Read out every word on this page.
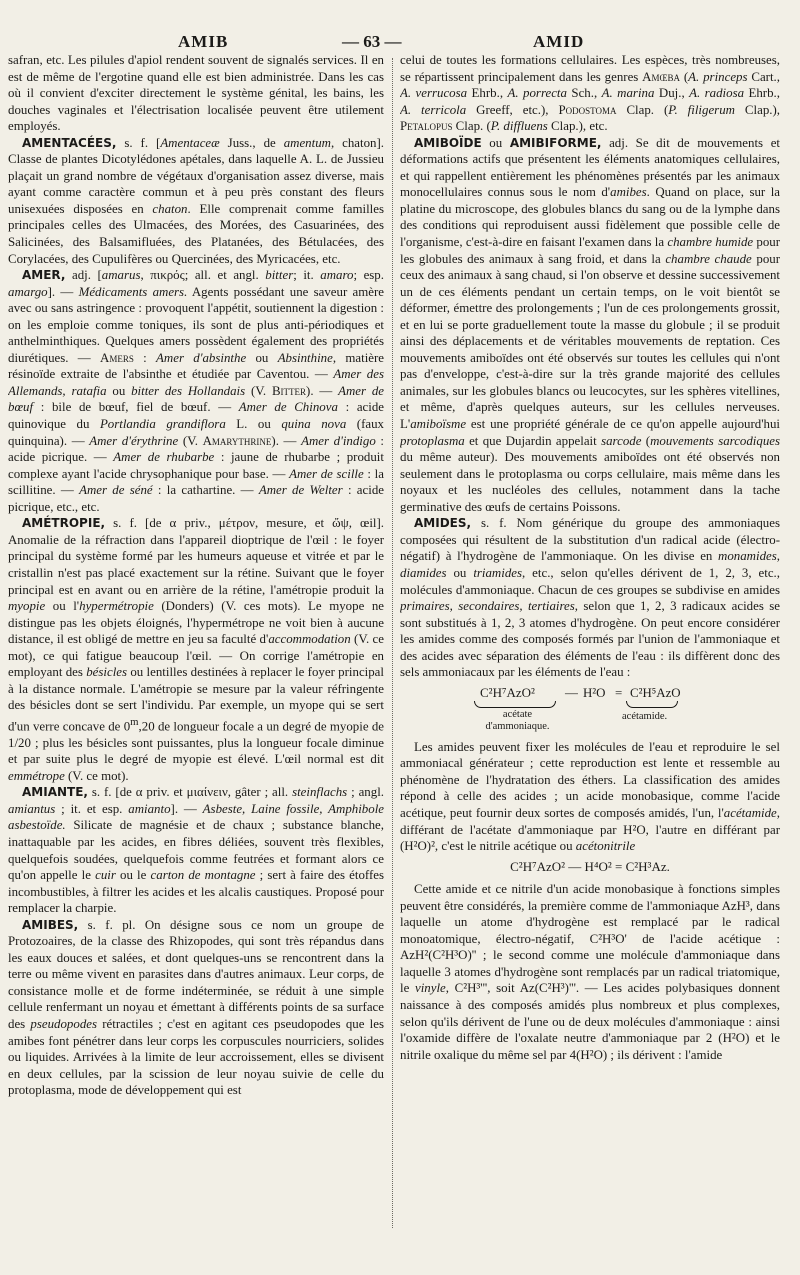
AMIB	— 63 —	AMID

safran, etc. Les pilules d'apiol rendent souvent de signalés services. Il en est de même de l'ergotine quand elle est bien administrée. Dans les cas où il convient d'exciter directement le système génital, les bains, les douches vaginales et l'électrisation localisée peuvent être utilement employés.

AMENTACÉES, s. f. [Amentaceæ Juss., de amentum, chaton]. Classe de plantes Dicotylédones apétales, dans laquelle A. L. de Jussieu plaçait un grand nombre de végétaux d'organisation assez diverse, mais ayant comme caractère commun et à peu près constant des fleurs unisexuées disposées en chaton. Elle comprenait comme familles principales celles des Ulmacées, des Morées, des Casuarinées, des Salicinées, des Balsamifluées, des Platanées, des Bétulacées, des Corylacées, des Cupulifères ou Quercinées, des Myricacées, etc.

AMER, adj. [amarus, πικρός; all. et angl. bitter; it. amaro; esp. amargo]. — Médicaments amers. Agents possédant une saveur amère avec ou sans astringence : provoquent l'appétit, soutiennent la digestion : on les emploie comme toniques, ils sont de plus anti-périodiques et anthelminthiques. Quelques amers possèdent également des propriétés diurétiques. — Amers : Amer d'absinthe ou Absinthine, matière résinoïde extraite de l'absinthe et étudiée par Caventou. — Amer des Allemands, ratafia ou bitter des Hollandais (V. Bitter). — Amer de bœuf : bile de bœuf, fiel de bœuf. — Amer de Chinova : acide quinovique du Portlandia grandiflora L. ou quina nova (faux quinquina). — Amer d'érythrine (V. Amarythrine). — Amer d'indigo : acide picrique. — Amer de rhubarbe : jaune de rhubarbe ; produit complexe ayant l'acide chrysophanique pour base. — Amer de scille : la scillitine. — Amer de séné : la cathartine. — Amer de Welter : acide picrique, etc., etc.

AMÉTROPIE, s. f. [de α priv., μέτρον, mesure, et ὤψ, œil]. Anomalie de la réfraction dans l'appareil dioptrique de l'œil : le foyer principal du système formé par les humeurs aqueuse et vitrée et par le cristallin n'est pas placé exactement sur la rétine. Suivant que le foyer principal est en avant ou en arrière de la rétine, l'amétropie produit la myopie ou l'hypermétropie (Donders) (V. ces mots). Le myope ne distingue pas les objets éloignés, l'hypermétrope ne voit bien à aucune distance, il est obligé de mettre en jeu sa faculté d'accommodation (V. ce mot), ce qui fatigue beaucoup l'œil. — On corrige l'amétropie en employant des bésicles ou lentilles destinées à replacer le foyer principal à la distance normale. L'amétropie se mesure par la valeur réfringente des bésicles dont se sert l'individu. Par exemple, un myope qui se sert d'un verre concave de 0$^m$,20 de longueur focale a un degré de myopie de 1/20 ; plus les bésicles sont puissantes, plus la longueur focale diminue et par suite plus le degré de myopie est élevé. L'œil normal est dit emmétrope (V. ce mot).

AMIANTE, s. f. [de α priv. et μιαίνειν, gâter ; all. steinflachs ; angl. amiantus ; it. et esp. amianto]. — Asbeste, Laine fossile, Amphibole asbestoïde. Silicate de magnésie et de chaux ; substance blanche, inattaquable par les acides, en fibres déliées, souvent très flexibles, quelquefois soudées, quelquefois comme feutrées et formant alors ce qu'on appelle le cuir ou le carton de montagne ; sert à faire des étoffes incombustibles, à filtrer les acides et les alcalis caustiques. Proposé pour remplacer la charpie.

AMIBES, s. f. pl. On désigne sous ce nom un groupe de Protozoaires, de la classe des Rhizopodes, qui sont très répandus dans les eaux douces et salées, et dont quelques-uns se rencontrent dans la terre ou même vivent en parasites dans d'autres animaux. Leur corps, de consistance molle et de forme indéterminée, se réduit à une simple cellule renfermant un noyau et émettant à différents points de sa surface des pseudopodes rétractiles ; c'est en agitant ces pseudopodes que les amibes font pénétrer dans leur corps les corpuscules nourriciers, solides ou liquides. Arrivées à la limite de leur accroissement, elles se divisent en deux cellules, par la scission de leur noyau suivie de celle du protoplasma, mode de développement qui est

celui de toutes les formations cellulaires. Les espèces, très nombreuses, se répartissent principalement dans les genres Amœba (A. princeps Cart., A. verrucosa Ehrb., A. porrecta Sch., A. marina Duj., A. radiosa Ehrb., A. terricola Greeff, etc.), Podostoma Clap. (P. filigerum Clap.), Petalopus Clap. (P. diffluens Clap.), etc.

AMIBOÏDE ou AMIBIFORME, adj. Se dit de mouvements et déformations actifs que présentent les éléments anatomiques cellulaires, et qui rappellent entièrement les phénomènes présentés par les animaux monocellulaires connus sous le nom d'amibes. Quand on place, sur la platine du microscope, des globules blancs du sang ou de la lymphe dans des conditions qui reproduisent aussi fidèlement que possible celle de l'organisme, c'est-à-dire en faisant l'examen dans la chambre humide pour les globules des animaux à sang froid, et dans la chambre chaude pour ceux des animaux à sang chaud, si l'on observe et dessine successivement un de ces éléments pendant un certain temps, on le voit bientôt se déformer, émettre des prolongements ; l'un de ces prolongements grossit, et en lui se porte graduellement toute la masse du globule ; il se produit ainsi des déplacements et de véritables mouvements de reptation. Ces mouvements amiboïdes ont été observés sur toutes les cellules qui n'ont pas d'enveloppe, c'est-à-dire sur la très grande majorité des cellules animales, sur les globules blancs ou leucocytes, sur les sphères vitellines, et même, d'après quelques auteurs, sur les cellules nerveuses. L'amiboïsme est une propriété générale de ce qu'on appelle aujourd'hui protoplasma et que Dujardin appelait sarcode (mouvements sarcodiques du même auteur). Des mouvements amiboïdes ont été observés non seulement dans le protoplasma ou corps cellulaire, mais même dans les noyaux et les nucléoles des cellules, notamment dans la tache germinative des œufs de certains Poissons.

AMIDES, s. f. Nom générique du groupe des ammoniaques composées qui résultent de la substitution d'un radical acide (électro-négatif) à l'hydrogène de l'ammoniaque. On les divise en monamides, diamides ou triamides, etc., selon qu'elles dérivent de 1, 2, 3, etc., molécules d'ammoniaque. Chacun de ces groupes se subdivise en amides primaires, secondaires, tertiaires, selon que 1, 2, 3 radicaux acides se sont substitués à 1, 2, 3 atomes d'hydrogène. On peut encore considérer les amides comme des composés formés par l'union de l'ammoniaque et des acides avec séparation des éléments de l'eau : ils diffèrent donc des sels ammoniacaux par les éléments de l'eau :

C²H⁷AzO² — H²O = C²H⁵AzO
acétate d'ammoniaque.
acétamide.

Les amides peuvent fixer les molécules de l'eau et reproduire le sel ammoniacal générateur ; cette reproduction est lente et ressemble au phénomène de l'hydratation des éthers. La classification des amides répond à celle des acides ; un acide monobasique, comme l'acide acétique, peut fournir deux sortes de composés amidés, l'un, l'acétamide, différant de l'acétate d'ammoniaque par H²O, l'autre en différant par (H²O)², c'est le nitrile acétique ou acétonitrile

C²H⁷AzO² — H⁴O² = C²H³Az.

Cette amide et ce nitrile d'un acide monobasique à fonctions simples peuvent être considérés, la première comme de l'ammoniaque AzH³, dans laquelle un atome d'hydrogène est remplacé par le radical monoatomique, électro-négatif, C²H³O' de l'acide acétique : AzH²(C²H³O)'' ; le second comme une molécule d'ammoniaque dans laquelle 3 atomes d'hydrogène sont remplacés par un radical triatomique, le vinyle, C²H³''', soit Az(C²H³)'''. — Les acides polybasiques donnent naissance à des composés amidés plus nombreux et plus complexes, selon qu'ils dérivent de l'une ou de deux molécules d'ammoniaque : ainsi l'oxamide diffère de l'oxalate neutre d'ammoniaque par 2 (H²O) et le nitrile oxalique du même sel par 4(H²O) ; ils dérivent : l'amide
